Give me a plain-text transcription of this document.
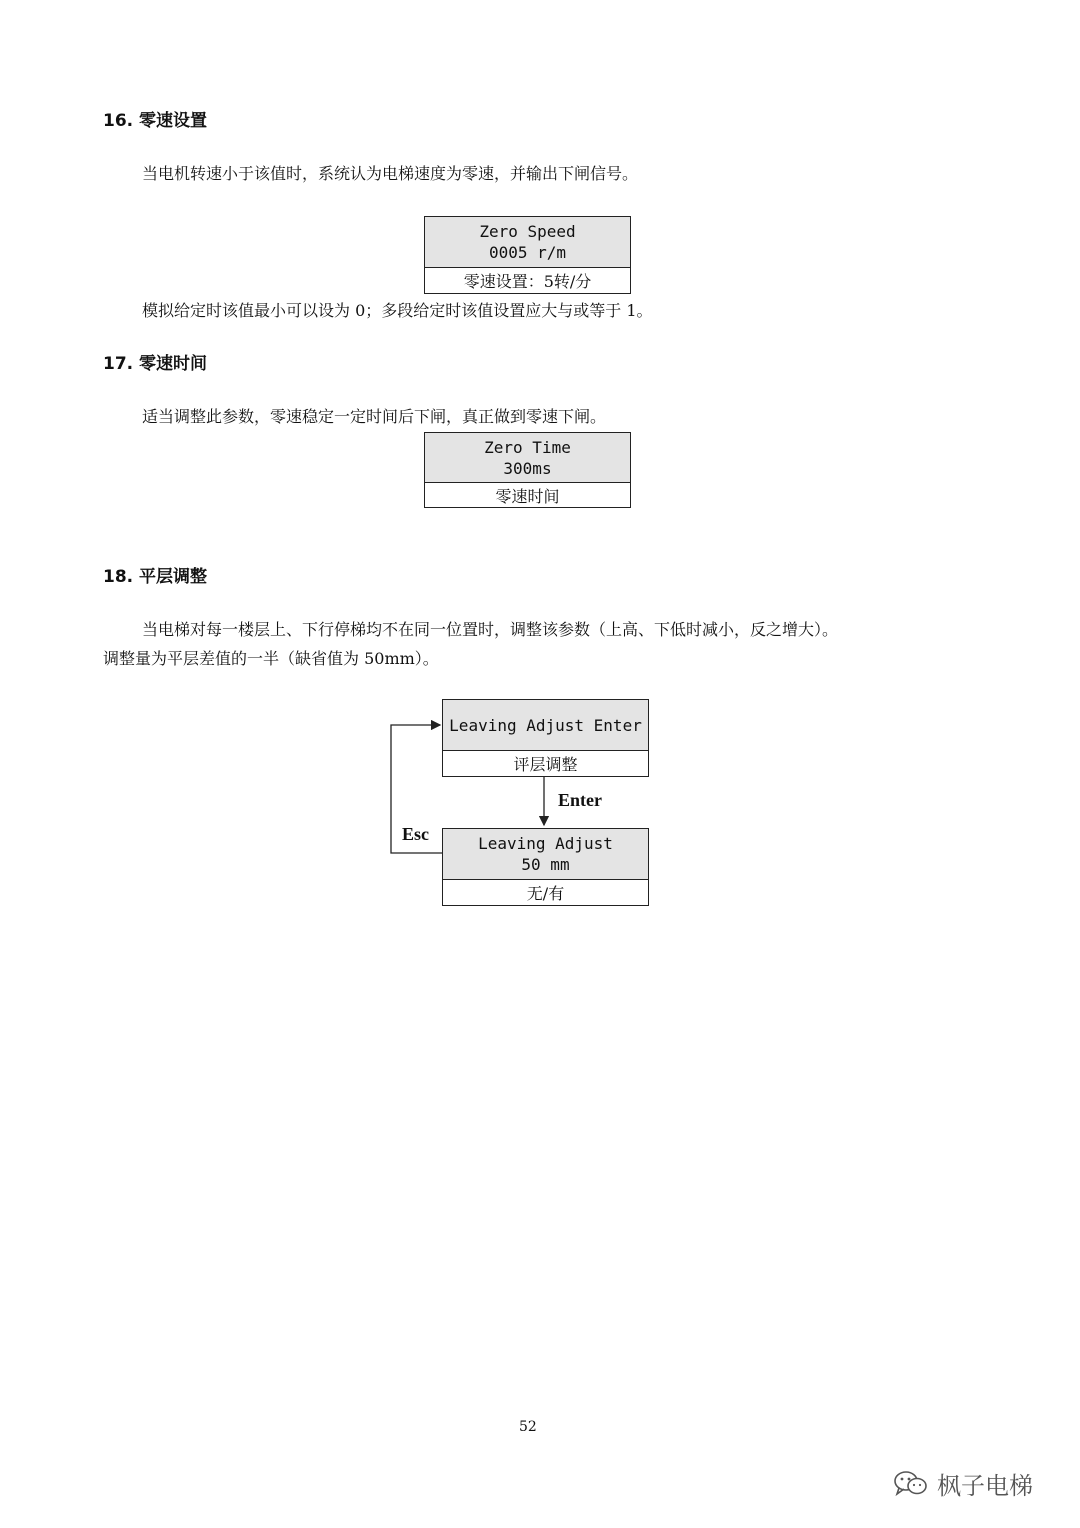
16. 零速设置
当电机转速小于该值时，系统认为电梯速度为零速，并输出下闸信号。
Zero Speed
0005 r/m
零速设置：5转/分
模拟给定时该值最小可以设为 0；多段给定时该值设置应大与或等于 1。
17. 零速时间
适当调整此参数，零速稳定一定时间后下闸，真正做到零速下闸。
Zero Time
300ms
零速时间
18. 平层调整
当电梯对每一楼层上、下行停梯均不在同一位置时，调整该参数（上高、下低时减小，反之增大）。
调整量为平层差值的一半（缺省值为 50mm）。
Leaving Adjust Enter
评层调整
Enter
Esc	Leaving Adjust
50 mm
无/有
52
枫子电梯
